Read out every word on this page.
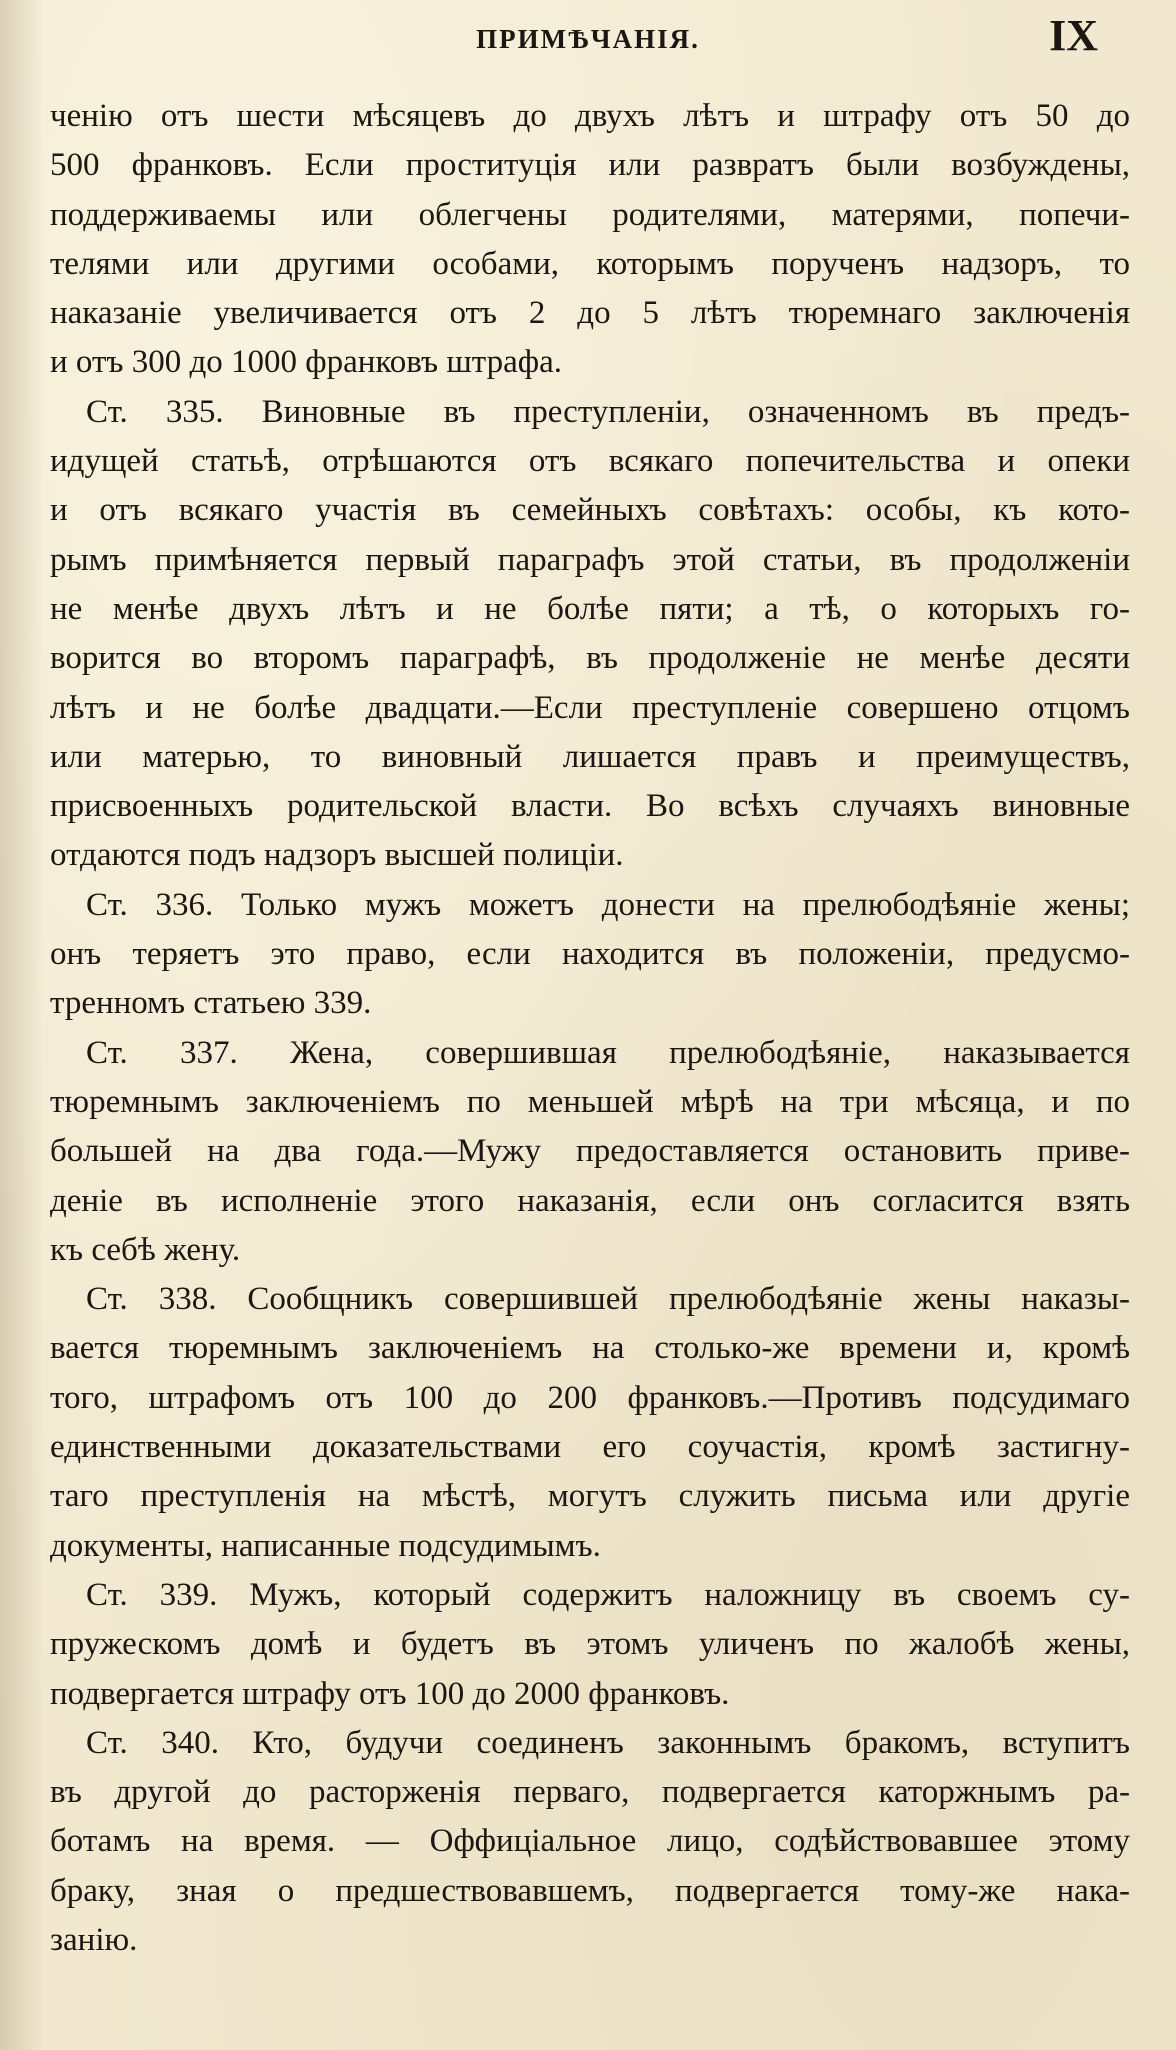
ПРИМѢЧАНІЯ.	IX
ченію отъ шести мѣсяцевъ до двухъ лѣтъ и штрафу отъ 50 до
500 франковъ. Если проституція или развратъ были возбуждены,
поддерживаемы или облегчены родителями, матерями, попечи-
телями или другими особами, которымъ порученъ надзоръ, то
наказаніе увеличивается отъ 2 до 5 лѣтъ тюремнаго заключенія
и отъ 300 до 1000 франковъ штрафа.
Ст. 335. Виновные въ преступленіи, означенномъ въ предъ-
идущей статьѣ, отрѣшаются отъ всякаго попечительства и опеки
и отъ всякаго участія въ семейныхъ совѣтахъ: особы, къ кото-
рымъ примѣняется первый параграфъ этой статьи, въ продолженіи
не менѣе двухъ лѣтъ и не болѣе пяти; а тѣ, о которыхъ го-
ворится во второмъ параграфѣ, въ продолженіе не менѣе десяти
лѣтъ и не болѣе двадцати.—Если преступленіе совершено отцомъ
или матерью, то виновный лишается правъ и преимуществъ,
присвоенныхъ родительской власти. Во всѣхъ случаяхъ виновные
отдаются подъ надзоръ высшей полиціи.
Ст. 336. Только мужъ можетъ донести на прелюбодѣяніе жены;
онъ теряетъ это право, если находится въ положеніи, предусмо-
тренномъ статьею 339.
Ст. 337. Жена, совершившая прелюбодѣяніе, наказывается
тюремнымъ заключеніемъ по меньшей мѣрѣ на три мѣсяца, и по
большей на два года.—Мужу предоставляется остановить приве-
деніе въ исполненіе этого наказанія, если онъ согласится взять
къ себѣ жену.
Ст. 338. Сообщникъ совершившей прелюбодѣяніе жены наказы-
вается тюремнымъ заключеніемъ на столько-же времени и, кромѣ
того, штрафомъ отъ 100 до 200 франковъ.—Противъ подсудимаго
единственными доказательствами его соучастія, кромѣ застигну-
таго преступленія на мѣстѣ, могутъ служить письма или другіе
документы, написанные подсудимымъ.
Ст. 339. Мужъ, который содержитъ наложницу въ своемъ су-
пружескомъ домѣ и будетъ въ этомъ уличенъ по жалобѣ жены,
подвергается штрафу отъ 100 до 2000 франковъ.
Ст. 340. Кто, будучи соединенъ законнымъ бракомъ, вступитъ
въ другой до расторженія перваго, подвергается каторжнымъ ра-
ботамъ на время. — Оффиціальное лицо, содѣйствовавшее этому
браку, зная о предшествовавшемъ, подвергается тому-же нака-
занію.
